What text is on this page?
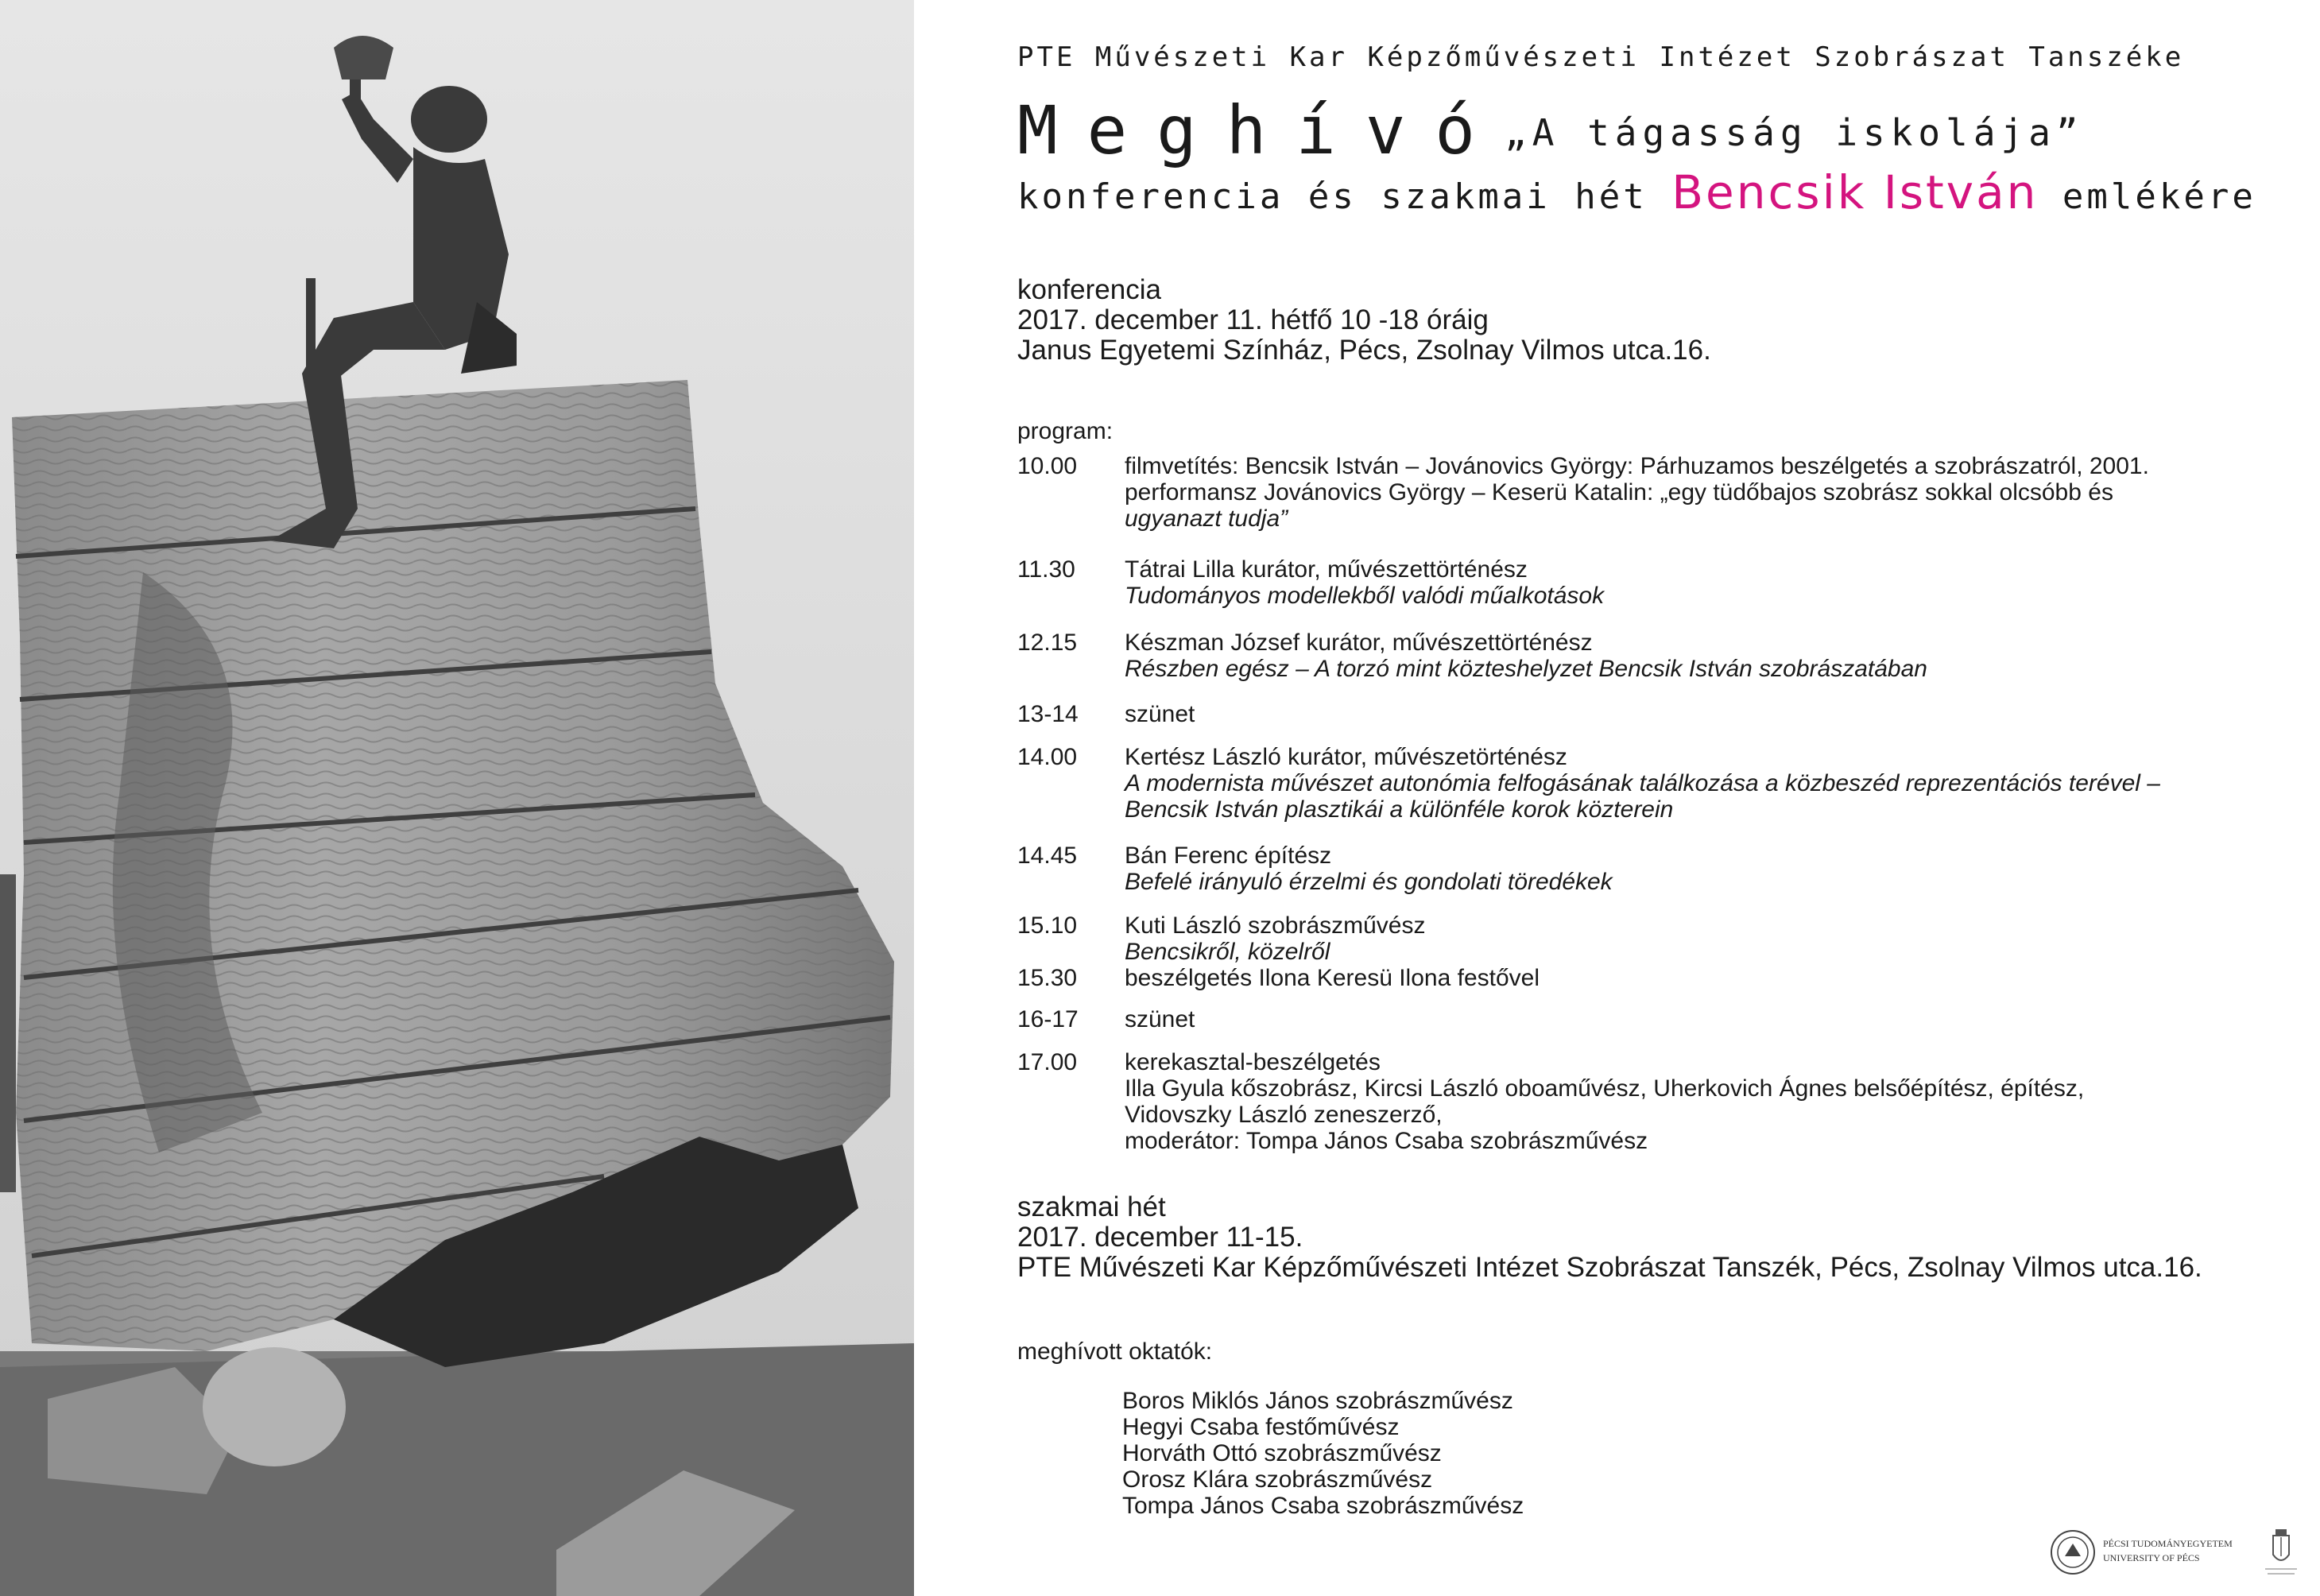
PTE Művészeti Kar Képzőművészeti Intézet Szobrászat Tanszéke
Meghívó„A tágasság iskolája”
konferencia és szakmai hét Bencsik István emlékére
konferencia
2017. december 11. hétfő 10 -18 óráig
Janus Egyetemi Színház, Pécs, Zsolnay Vilmos utca.16.
program:
10.00 filmvetítés: Bencsik István – Jovánovics György: Párhuzamos beszélgetés a szobrászatról, 2001.
performansz Jovánovics György – Keserü Katalin: „egy tüdőbajos szobrász sokkal olcsóbb és
ugyanazt tudja”
11.30 Tátrai Lilla kurátor, művészettörténész
Tudományos modellekből valódi műalkotások
12.15 Készman József kurátor, művészettörténész
Részben egész – A torzó mint közteshelyzet Bencsik István szobrászatában
13-14 szünet
14.00 Kertész László kurátor, művészetörténész
A modernista művészet autonómia felfogásának találkozása a közbeszéd reprezentációs terével –
Bencsik István plasztikái a különféle korok közterein
14.45 Bán Ferenc építész
Befelé irányuló érzelmi és gondolati töredékek
15.10 Kuti László szobrászművész
Bencsikről, közelről
15.30 beszélgetés Ilona Keresü Ilona festővel
16-17 szünet
17.00 kerekasztal-beszélgetés
Illa Gyula kőszobrász, Kircsi László oboaművész, Uherkovich Ágnes belsőépítész, építész,
Vidovszky László zeneszerző,
moderátor: Tompa János Csaba szobrászművész
szakmai hét
2017. december 11-15.
PTE Művészeti Kar Képzőművészeti Intézet Szobrászat Tanszék, Pécs, Zsolnay Vilmos utca.16.
meghívott oktatók:
Boros Miklós János szobrászművész
Hegyi Csaba festőművész
Horváth Ottó szobrászművész
Orosz Klára szobrászművész
Tompa János Csaba szobrászművész
PÉCSI TUDOMÁNYEGYETEM
UNIVERSITY OF PÉCS
